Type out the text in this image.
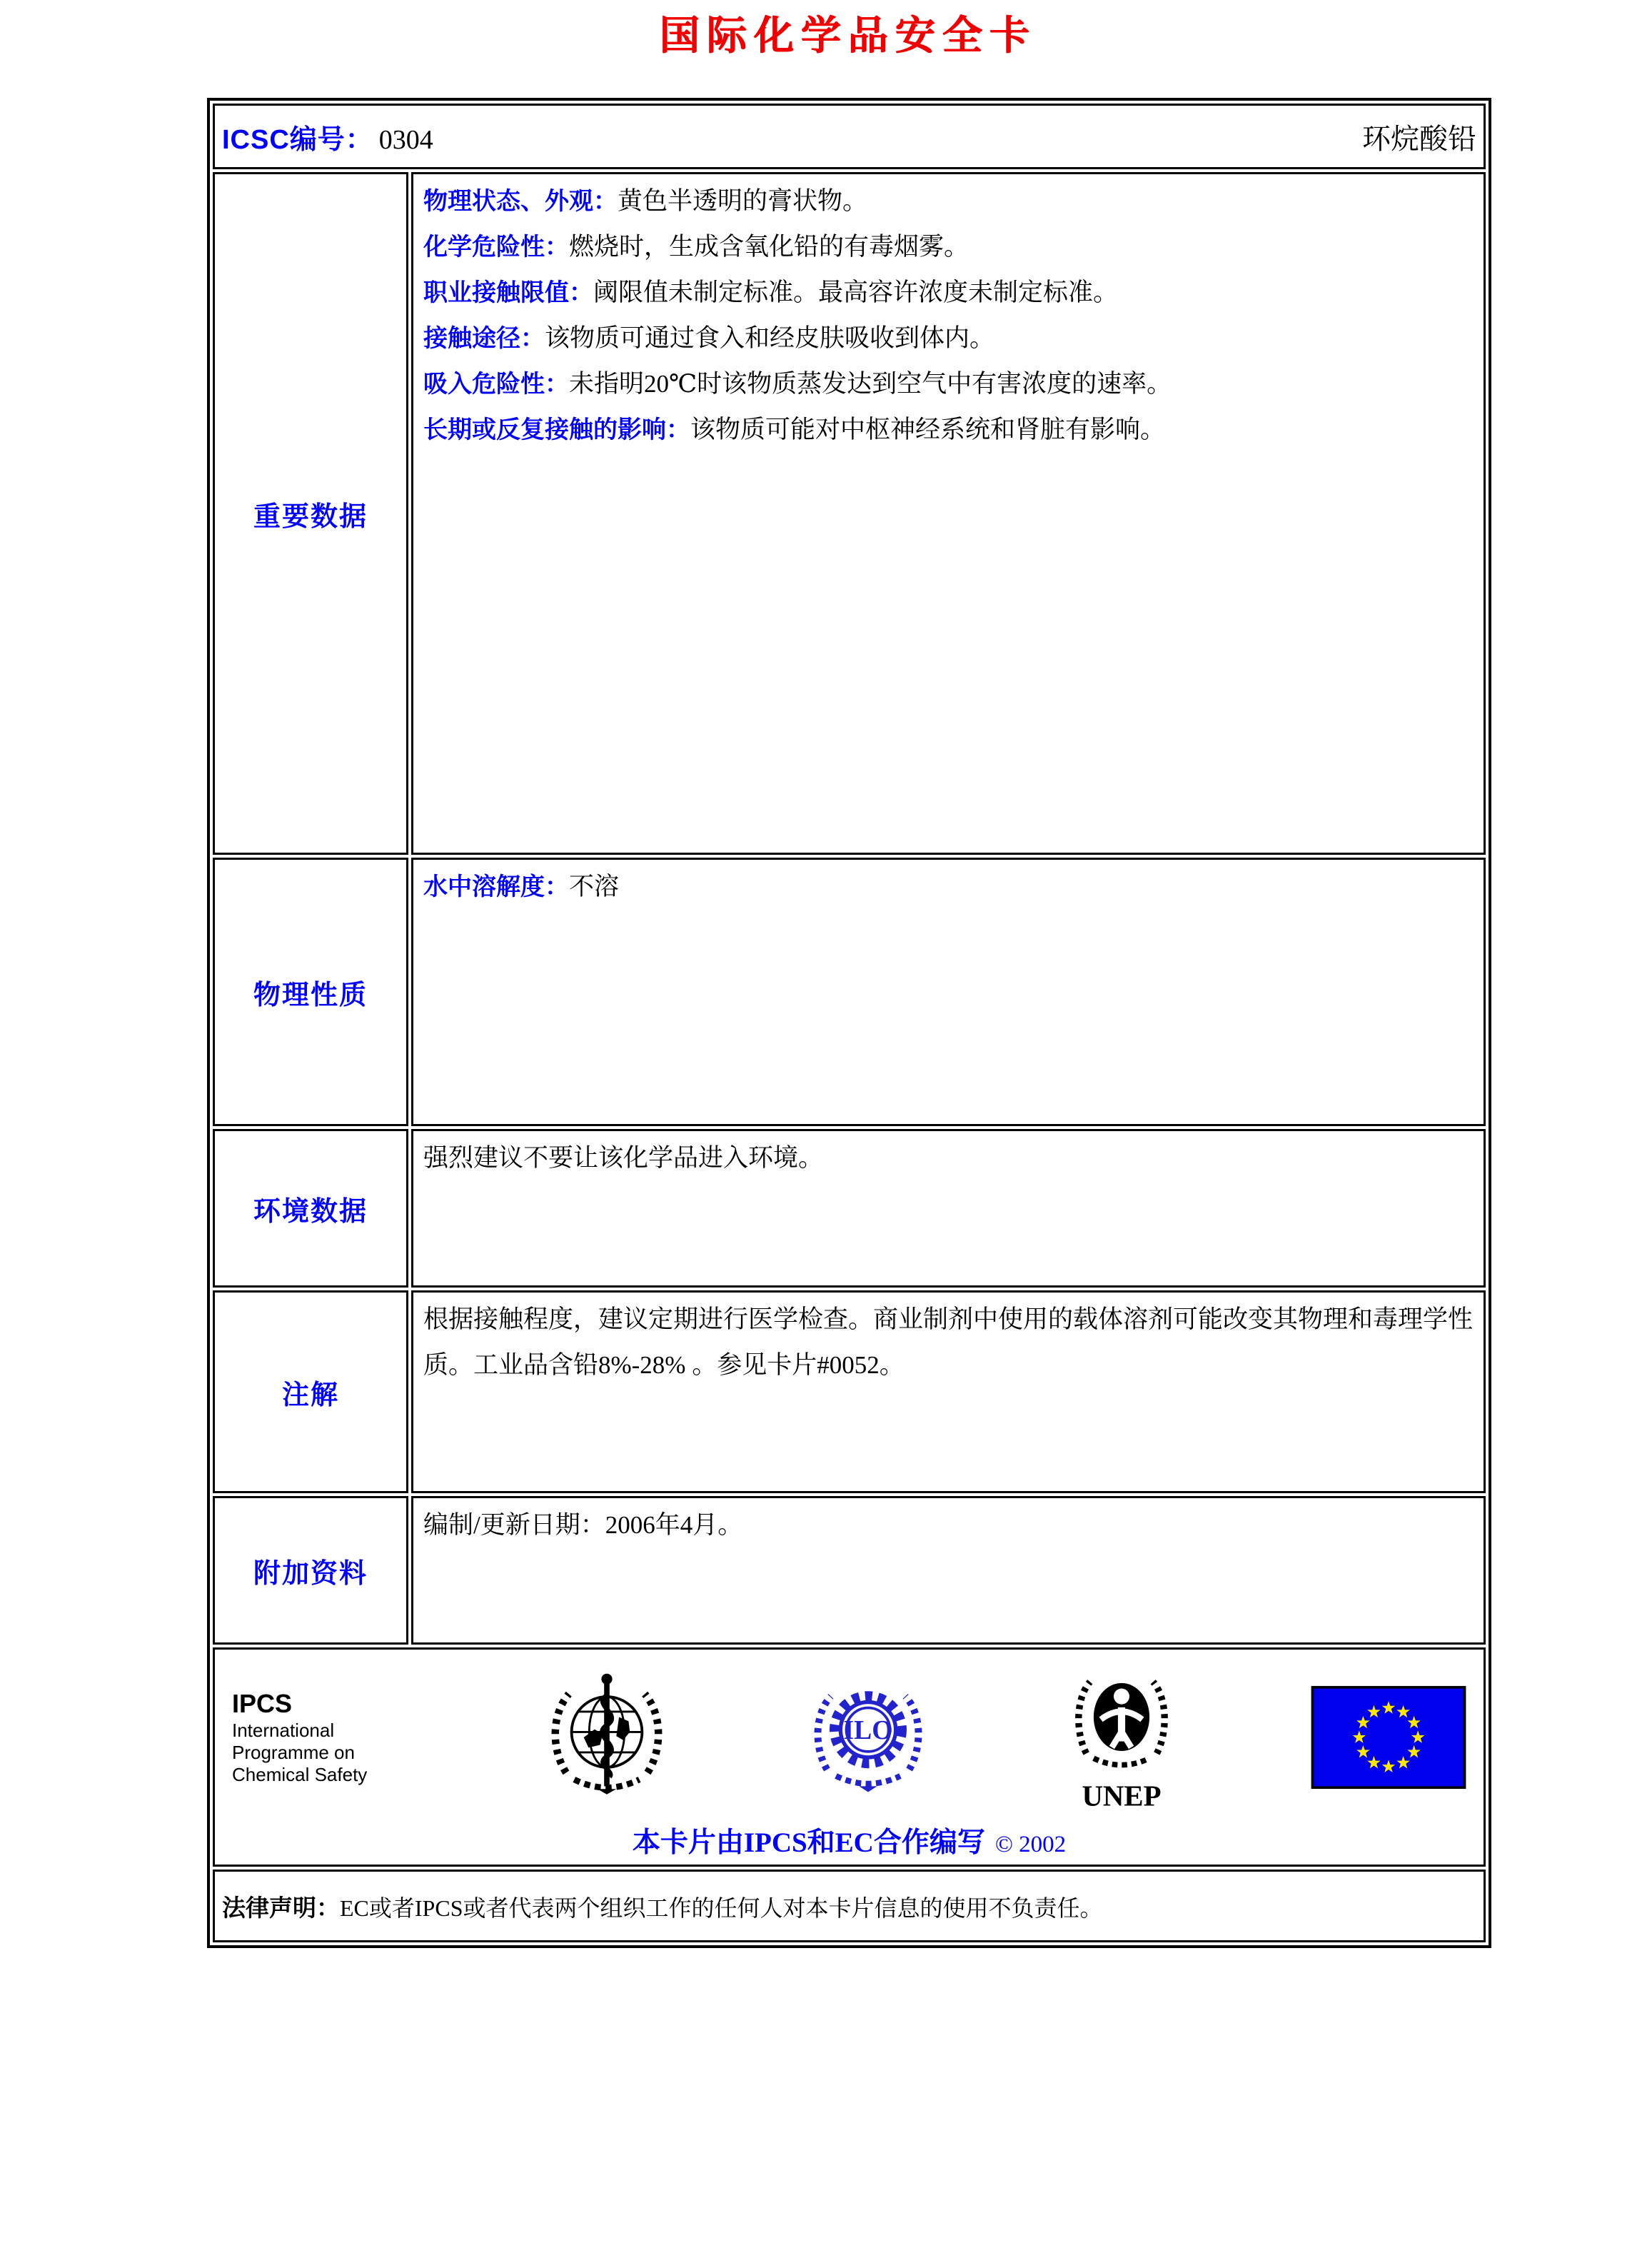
国际化学品安全卡
ICSC编号： 0304 环烷酸铅	

重要数据	
物理状态、外观：黄色半透明的膏状物。
化学危险性：燃烧时，生成含氧化铅的有毒烟雾。
职业接触限值：阈限值未制定标准。最高容许浓度未制定标准。
接触途径：该物质可通过食入和经皮肤吸收到体内。
吸入危险性：未指明20℃时该物质蒸发达到空气中有害浓度的速率。
长期或反复接触的影响：该物质可能对中枢神经系统和肾脏有影响。

物理性质	水中溶解度：不溶

环境数据	强烈建议不要让该化学品进入环境。

注解	根据接触程度，建议定期进行医学检查。商业制剂中使用的载体溶剂可能改变其物理和毒理学性质。工业品含铅8%-28% 。参见卡片#0052。

附加资料	编制/更新日期：2006年4月。

IPCS
International
Programme on
Chemical Safety
ILO
UNEP
本卡片由IPCS和EC合作编写 © 2002

法律声明：EC或者IPCS或者代表两个组织工作的任何人对本卡片信息的使用不负责任。	
